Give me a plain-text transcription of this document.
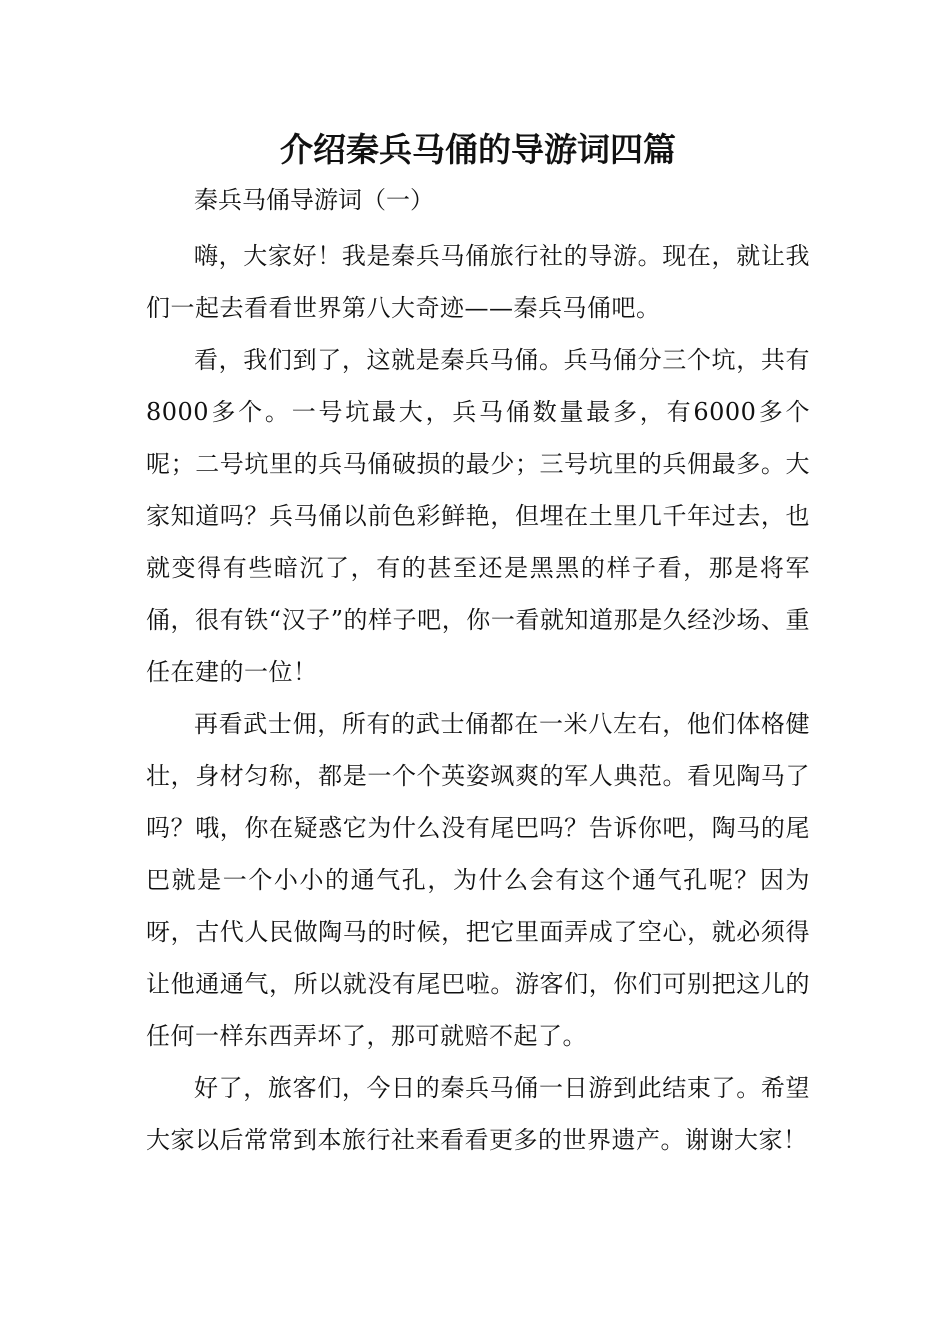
介绍秦兵马俑的导游词四篇

秦兵马俑导游词（一）

嗨，大家好！我是秦兵马俑旅行社的导游。现在，就让我们一起去看看世界第八大奇迹——秦兵马俑吧。

看，我们到了，这就是秦兵马俑。兵马俑分三个坑，共有8000多个。一号坑最大，兵马俑数量最多，有6000多个呢；二号坑里的兵马俑破损的最少；三号坑里的兵佣最多。大家知道吗？兵马俑以前色彩鲜艳，但埋在土里几千年过去，也就变得有些暗沉了，有的甚至还是黑黑的样子看，那是将军俑，很有铁“汉子”的样子吧，你一看就知道那是久经沙场、重任在建的一位！

再看武士佣，所有的武士俑都在一米八左右，他们体格健壮，身材匀称，都是一个个英姿飒爽的军人典范。看见陶马了吗？哦，你在疑惑它为什么没有尾巴吗？告诉你吧，陶马的尾巴就是一个小小的通气孔，为什么会有这个通气孔呢？因为呀，古代人民做陶马的时候，把它里面弄成了空心，就必须得让他通通气，所以就没有尾巴啦。游客们，你们可别把这儿的任何一样东西弄坏了，那可就赔不起了。

好了，旅客们，今日的秦兵马俑一日游到此结束了。希望大家以后常常到本旅行社来看看更多的世界遗产。谢谢大家！
